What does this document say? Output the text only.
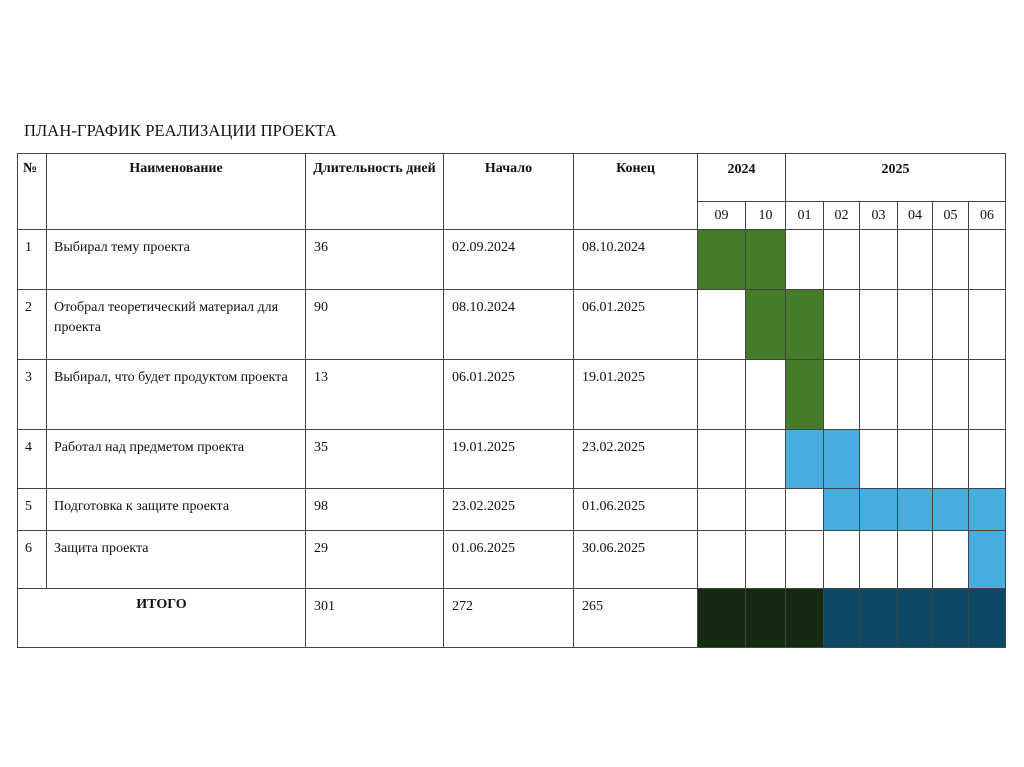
ПЛАН-ГРАФИК РЕАЛИЗАЦИИ ПРОЕКТА
№	Наименование	Длительность дней	Начало	Конец	2024		2025					
					09	10	01	02	03	04	05	06
1	Выбирал тему проекта	36	02.09.2024	08.10.2024								
2	Отобрал теоретический материал для проекта	90	08.10.2024	06.01.2025								
3	Выбирал, что будет продуктом проекта	13	06.01.2025	19.01.2025								
4	Работал над предметом проекта	35	19.01.2025	23.02.2025								
5	Подготовка к защите проекта	98	23.02.2025	01.06.2025								
6	Защита проекта	29	01.06.2025	30.06.2025								
ИТОГО		301	272	265								
